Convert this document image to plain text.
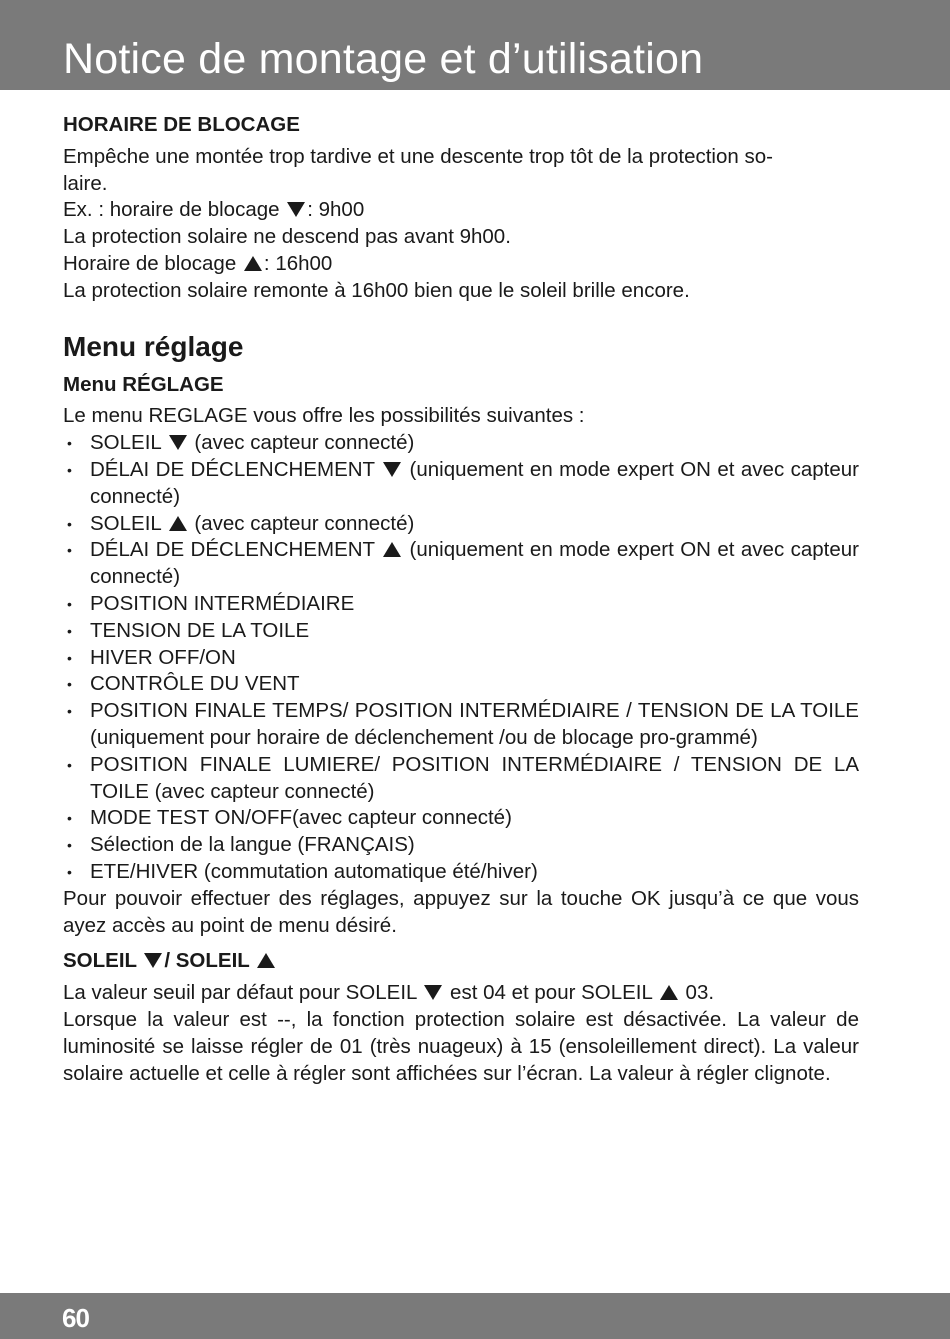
Notice de montage et d’utilisation
HORAIRE DE BLOCAGE

Empêche une montée trop tardive et une descente trop tôt de la protection so-
laire.

Ex. : horaire de blocage : 9h00

La protection solaire ne descend pas avant 9h00.

Horaire de blocage : 16h00

La protection solaire remonte à 16h00 bien que le soleil brille encore.

Menu réglage
Menu RÉGLAGE

Le menu REGLAGE vous offre les possibilités suivantes :

• SOLEIL  (avec capteur connecté)
• DÉLAI DE DÉCLENCHEMENT  (uniquement en mode expert ON et avec capteur connecté)
• SOLEIL  (avec capteur connecté)
• DÉLAI DE DÉCLENCHEMENT  (uniquement en mode expert ON et avec capteur connecté)
• POSITION INTERMÉDIAIRE
• TENSION DE LA TOILE
• HIVER OFF/ON
• CONTRÔLE DU VENT
• POSITION FINALE TEMPS/ POSITION INTERMÉDIAIRE / TENSION DE LA TOILE (uniquement pour horaire de déclenchement /ou de blocage pro-grammé)
• POSITION FINALE LUMIERE/ POSITION INTERMÉDIAIRE / TENSION DE LA TOILE (avec capteur connecté)
• MODE TEST ON/OFF(avec capteur connecté)
• Sélection de la langue (FRANÇAIS)
• ETE/HIVER (commutation automatique été/hiver)

Pour pouvoir effectuer des réglages, appuyez sur la touche OK jusqu’à ce que vous ayez accès au point de menu désiré.

SOLEIL / SOLEIL

La valeur seuil par défaut pour SOLEIL  est 04 et pour SOLEIL  03.

Lorsque la valeur est --, la fonction protection solaire est désactivée. La valeur de luminosité se laisse régler de 01 (très nuageux) à 15 (ensoleillement direct). La valeur solaire actuelle et celle à régler sont affichées sur l’écran. La valeur à régler clignote.

60
